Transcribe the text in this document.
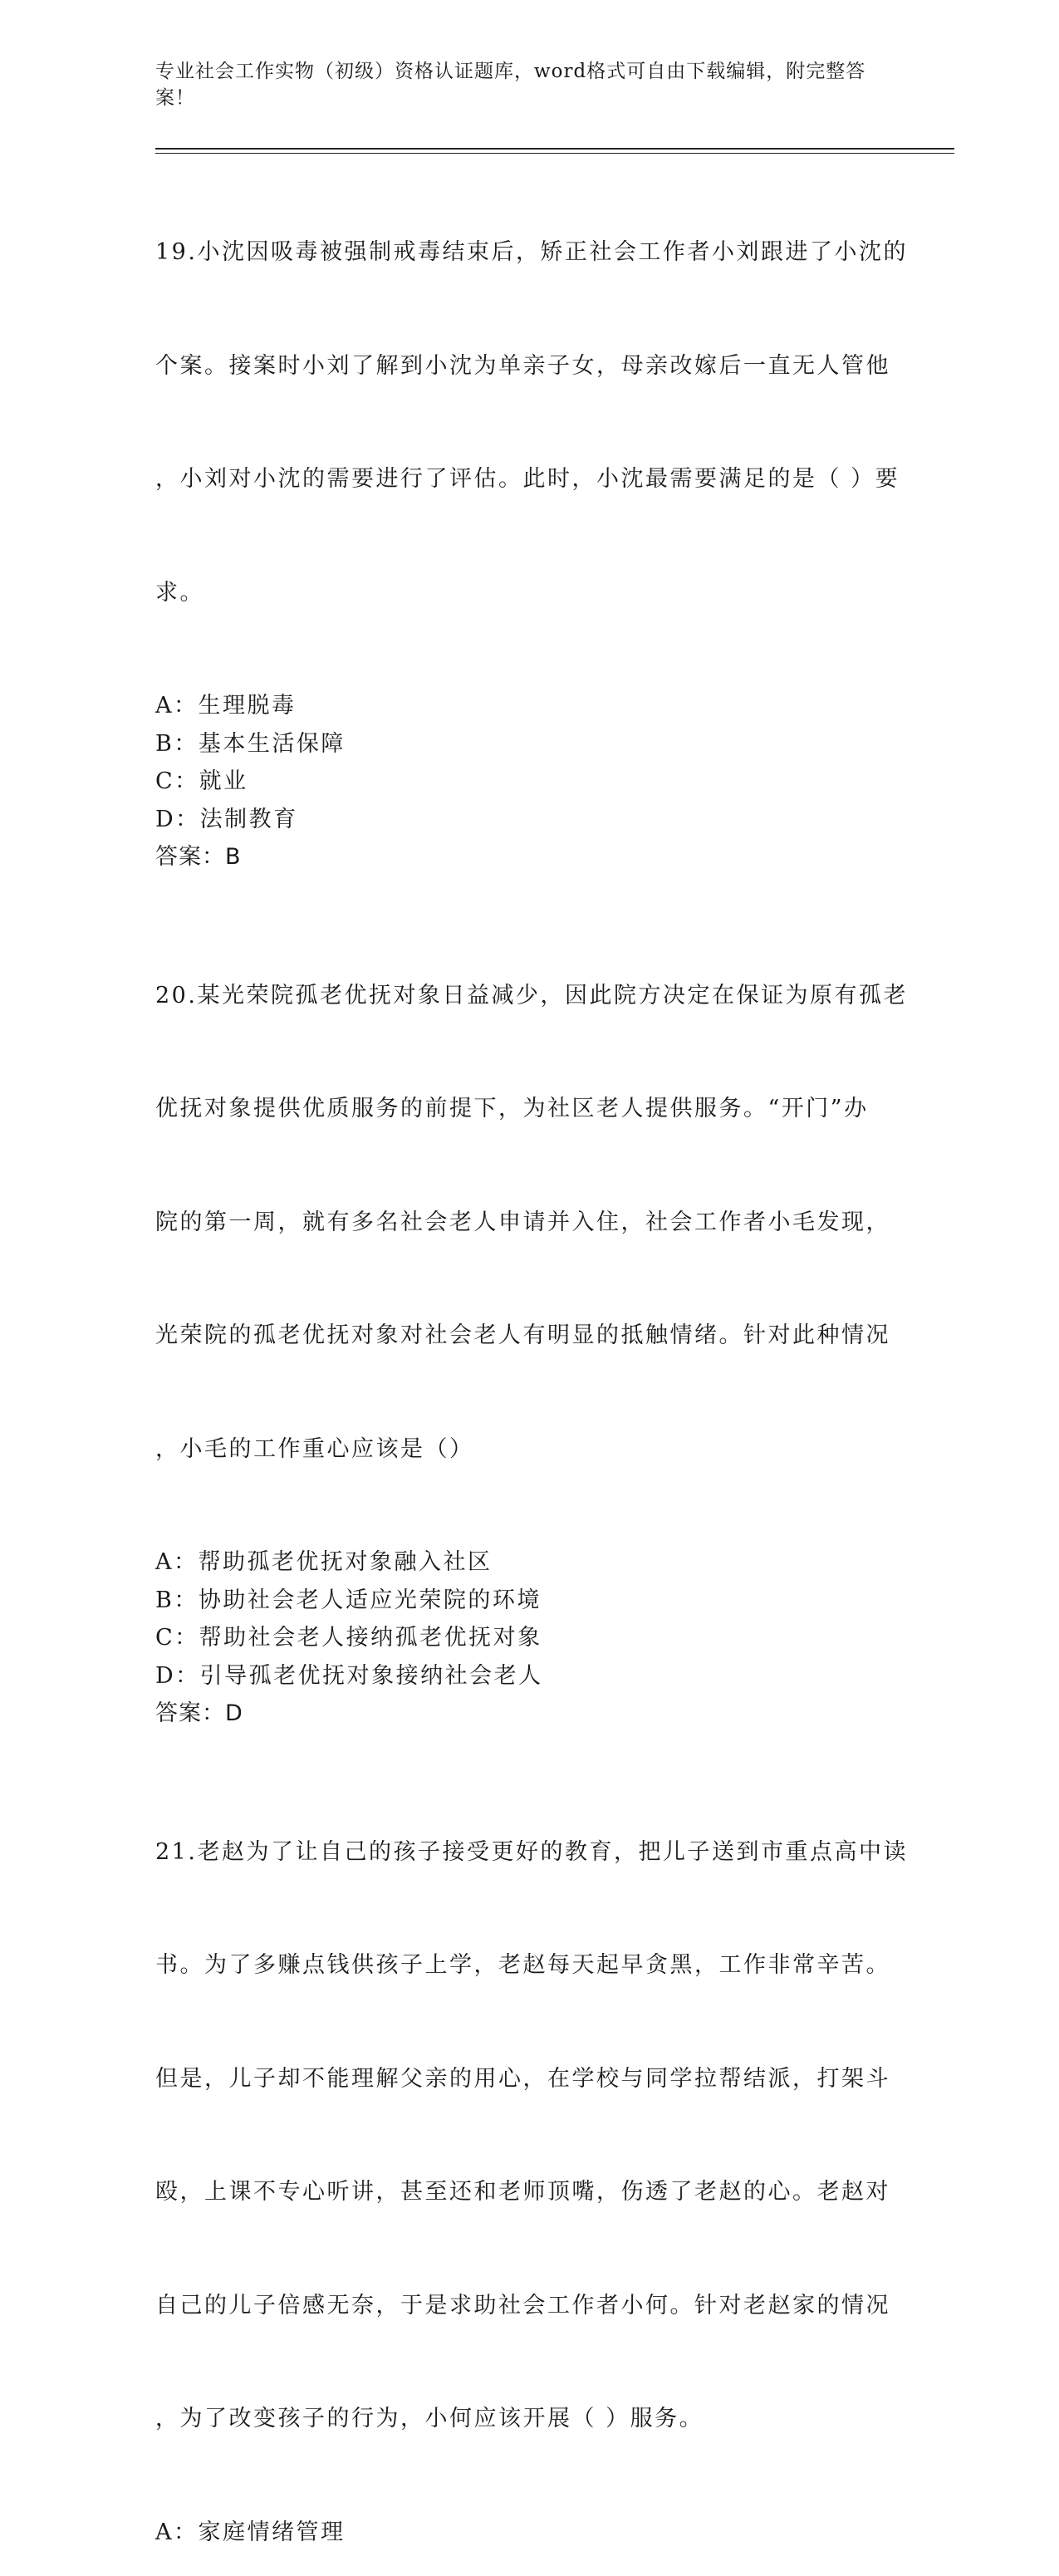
专业社会工作实物（初级）资格认证题库，word格式可自由下载编辑，附完整答案！

19.小沈因吸毒被强制戒毒结束后，矫正社会工作者小刘跟进了小沈的

个案。接案时小刘了解到小沈为单亲子女，母亲改嫁后一直无人管他

，小刘对小沈的需要进行了评估。此时，小沈最需要满足的是（ ）要

求。

A：生理脱毒

B：基本生活保障

C：就业

D：法制教育

答案：B

20.某光荣院孤老优抚对象日益减少，因此院方决定在保证为原有孤老

优抚对象提供优质服务的前提下，为社区老人提供服务。“开门”办

院的第一周，就有多名社会老人申请并入住，社会工作者小毛发现，

光荣院的孤老优抚对象对社会老人有明显的抵触情绪。针对此种情况

，小毛的工作重心应该是（）

A：帮助孤老优抚对象融入社区

B：协助社会老人适应光荣院的环境

C：帮助社会老人接纳孤老优抚对象

D：引导孤老优抚对象接纳社会老人

答案：D

21.老赵为了让自己的孩子接受更好的教育，把儿子送到市重点高中读

书。为了多赚点钱供孩子上学，老赵每天起早贪黑，工作非常辛苦。

但是，儿子却不能理解父亲的用心，在学校与同学拉帮结派，打架斗

殴，上课不专心听讲，甚至还和老师顶嘴，伤透了老赵的心。老赵对

自己的儿子倍感无奈，于是求助社会工作者小何。针对老赵家的情况

，为了改变孩子的行为，小何应该开展（ ）服务。

A：家庭情绪管理
